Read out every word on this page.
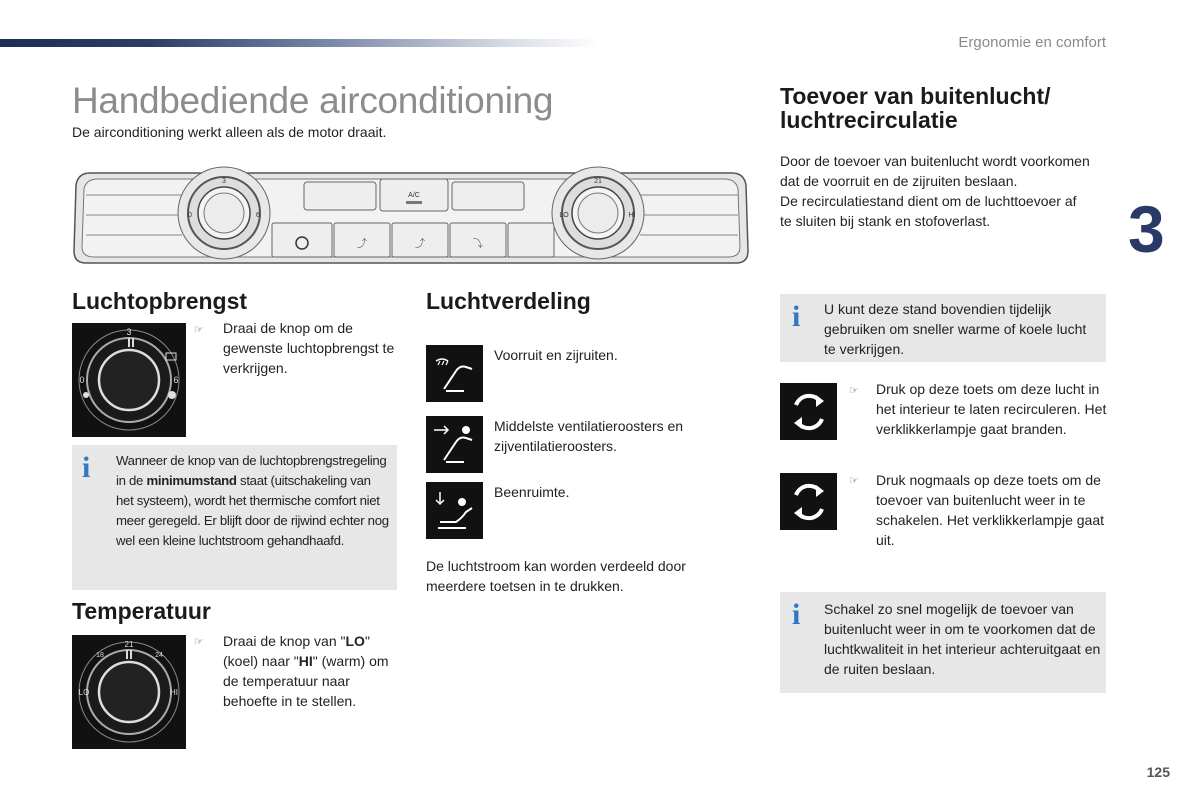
Ergonomie en comfort
3
Handbediende airconditioning
De airconditioning werkt alleen als de motor draait.
A/C
⤴	⤴	⤵
3
0	6
21
LO	HI
Luchtopbrengst
3
0	6
☞ Draai de knop om de gewenste luchtopbrengst te verkrijgen.
i Wanneer de knop van de luchtopbrengstregeling in de minimumstand staat (uitschakeling van het systeem), wordt het thermische comfort niet meer geregeld. Er blijft door de rijwind echter nog wel een kleine luchtstroom gehandhaafd.
Temperatuur
21
18	24
LO	HI
☞ Draai de knop van "LO" (koel) naar "HI" (warm) om de temperatuur naar behoefte in te stellen.
Luchtverdeling
Voorruit en zijruiten.
Middelste ventilatieroosters en zijventilatieroosters.
Beenruimte.
De luchtstroom kan worden verdeeld door meerdere toetsen in te drukken.
Toevoer van buitenlucht/
luchtrecirculatie
Door de toevoer van buitenlucht wordt voorkomen dat de voorruit en de zijruiten beslaan.
De recirculatiestand dient om de luchttoevoer af te sluiten bij stank en stofoverlast.
i U kunt deze stand bovendien tijdelijk gebruiken om sneller warme of koele lucht te verkrijgen.
☞ Druk op deze toets om deze lucht in het interieur te laten recirculeren. Het verklikkerlampje gaat branden.
☞ Druk nogmaals op deze toets om de toevoer van buitenlucht weer in te schakelen. Het verklikkerlampje gaat uit.
i Schakel zo snel mogelijk de toevoer van buitenlucht weer in om te voorkomen dat de luchtkwaliteit in het interieur achteruitgaat en de ruiten beslaan.
125
